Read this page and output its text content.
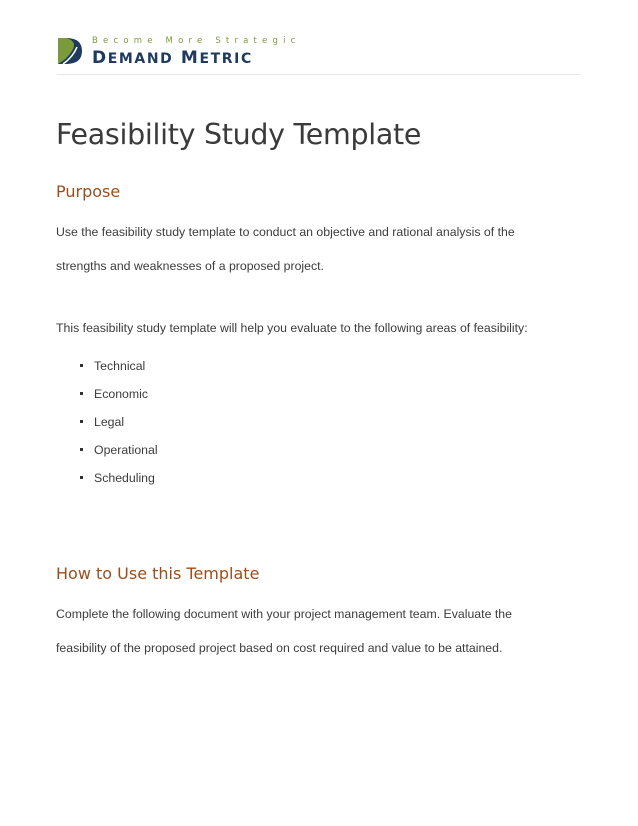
Become More Strategic
DEMAND METRIC
Feasibility Study Template
Purpose

Use the feasibility study template to conduct an objective and rational analysis of the
strengths and weaknesses of a proposed project.

This feasibility study template will help you evaluate to the following areas of feasibility:

Technical
Economic
Legal
Operational
Scheduling
How to Use this Template

Complete the following document with your project management team. Evaluate the
feasibility of the proposed project based on cost required and value to be attained.
